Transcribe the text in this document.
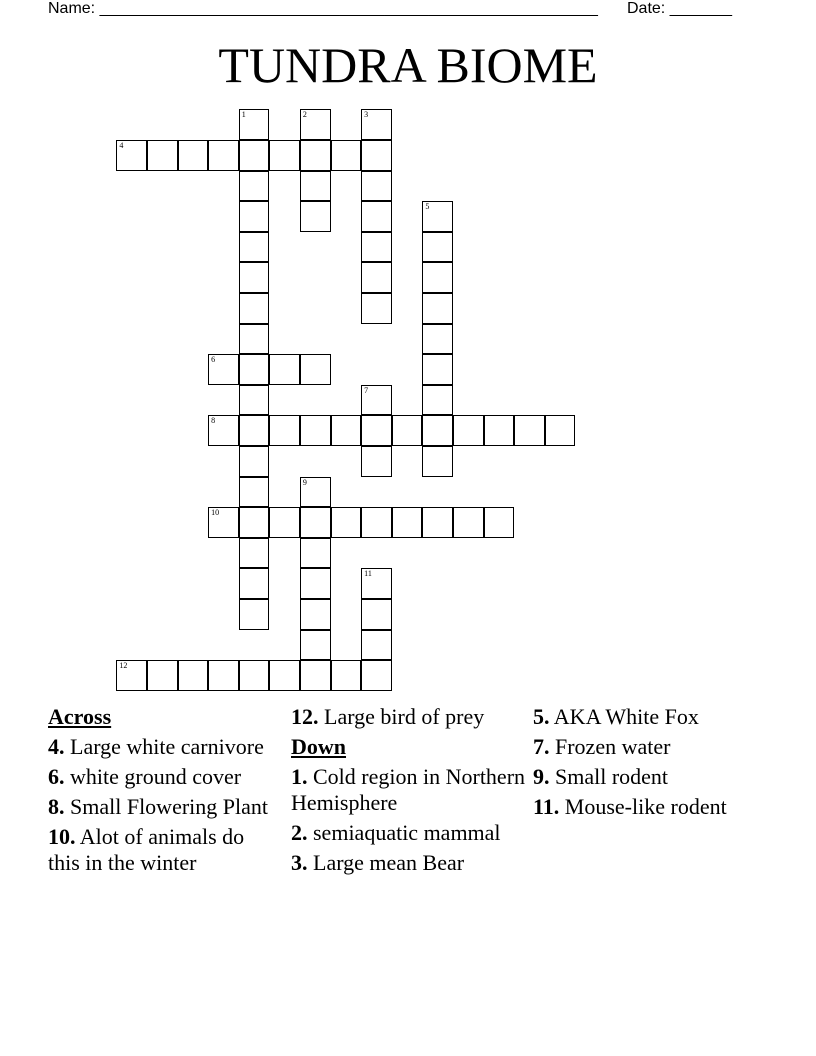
Name: ________________________________________________________ Date: _______
TUNDRA BIOME
1	2	3
4
5
6
7
8
9
10
11
12
Across
4. Large white carnivore
6. white ground cover
8. Small Flowering Plant
10. Alot of animals do this in the winter
12. Large bird of prey
Down
1. Cold region in Northern Hemisphere
2. semiaquatic mammal
3. Large mean Bear
5. AKA White Fox
7. Frozen water
9. Small rodent
11. Mouse-like rodent
